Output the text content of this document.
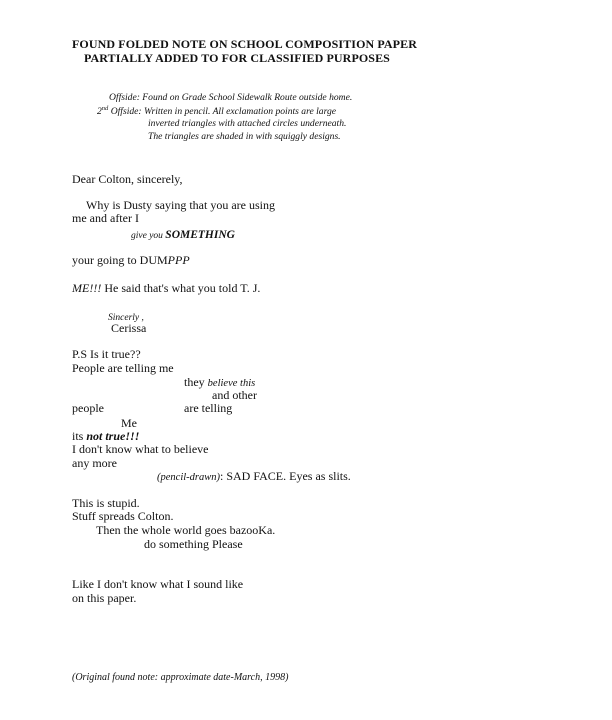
FOUND FOLDED NOTE ON SCHOOL COMPOSITION PAPER
PARTIALLY ADDED TO FOR CLASSIFIED PURPOSES
Offside: Found on Grade School Sidewalk Route outside home.
2nd Offside: Written in pencil. All exclamation points are large
inverted triangles with attached circles underneath.
The triangles are shaded in with squiggly designs.
Dear Colton, sincerely,
Why is Dusty saying that you are using
me and after I
give you SOMETHING
your going to DUMPPP
ME!!! He said that's what you told T. J.
Sincerly ,
Cerissa
P.S Is it true??
People are telling me
they believe this
and other
people	are telling
Me
its not true!!!
I don't know what to believe
any more
(pencil-drawn): SAD FACE. Eyes as slits.
This is stupid.
Stuff spreads Colton.
Then the whole world goes bazooKa.
do something Please
Like I don't know what I sound like
on this paper.
(Original found note: approximate date-March, 1998)
